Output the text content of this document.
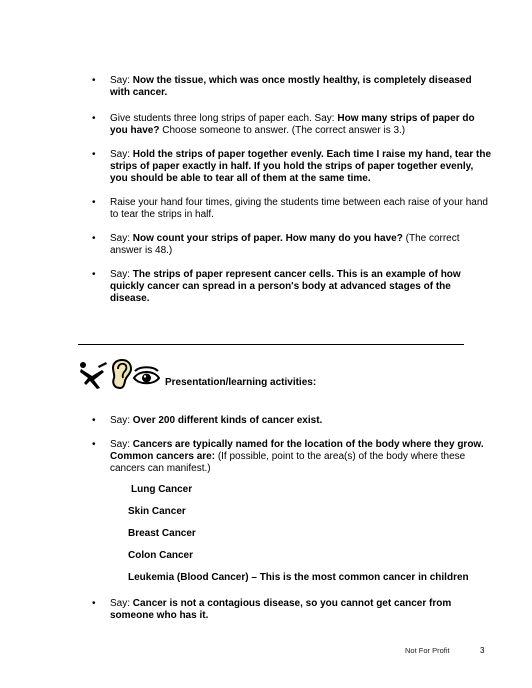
• Say: Now the tissue, which was once mostly healthy, is completely diseased with cancer.
• Give students three long strips of paper each. Say: How many strips of paper do you have? Choose someone to answer. (The correct answer is 3.)
• Say: Hold the strips of paper together evenly. Each time I raise my hand, tear the strips of paper exactly in half. If you hold the strips of paper together evenly, you should be able to tear all of them at the same time.
• Raise your hand four times, giving the students time between each raise of your hand to tear the strips in half.
• Say: Now count your strips of paper. How many do you have? (The correct answer is 48.)
• Say: The strips of paper represent cancer cells. This is an example of how quickly cancer can spread in a person's body at advanced stages of the disease.
Presentation/learning activities:
• Say: Over 200 different kinds of cancer exist.
• Say: Cancers are typically named for the location of the body where they grow. Common cancers are: (If possible, point to the area(s) of the body where these cancers can manifest.)
Lung Cancer
Skin Cancer
Breast Cancer
Colon Cancer
Leukemia (Blood Cancer) – This is the most common cancer in children
• Say: Cancer is not a contagious disease, so you cannot get cancer from someone who has it.
Not For Profit	3
